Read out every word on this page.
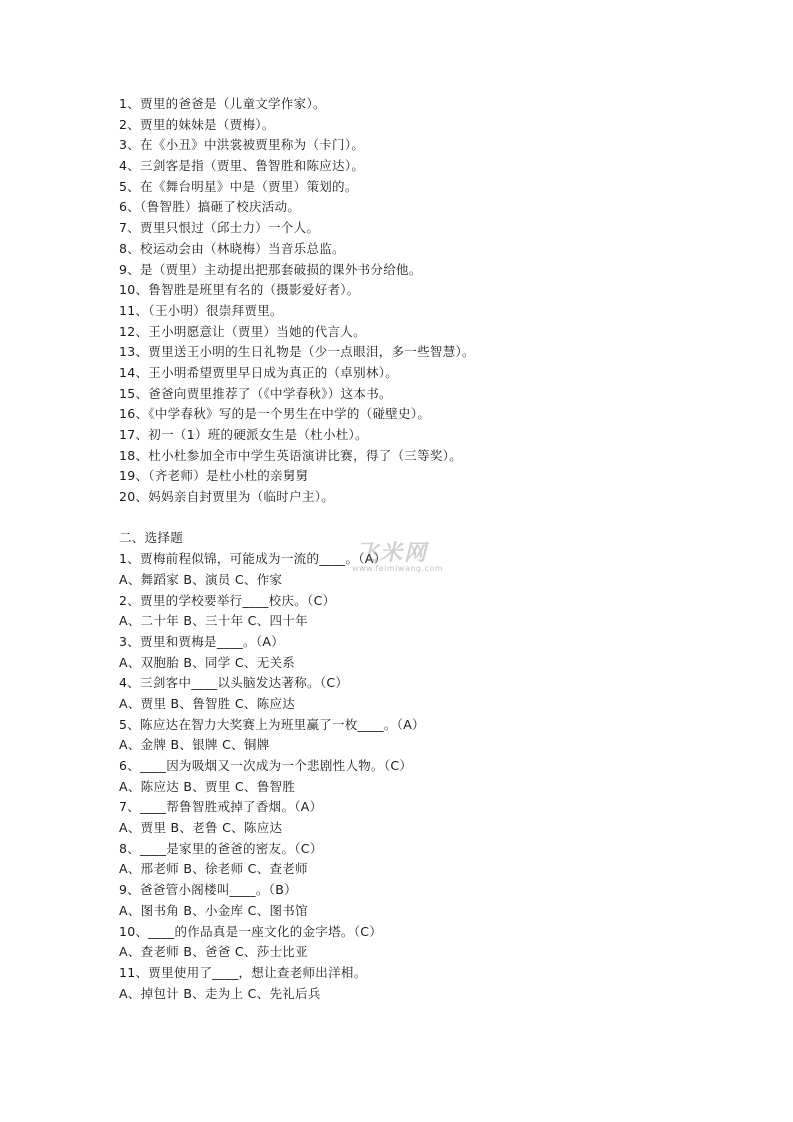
1、贾里的爸爸是（儿童文学作家）。
2、贾里的妹妹是（贾梅）。
3、在《小丑》中洪裳被贾里称为（卡门）。
4、三剑客是指（贾里、鲁智胜和陈应达）。
5、在《舞台明星》中是（贾里）策划的。
6、（鲁智胜）搞砸了校庆活动。
7、贾里只恨过（邱士力）一个人。
8、校运动会由（林晓梅）当音乐总监。
9、是（贾里）主动提出把那套破损的课外书分给他。
10、鲁智胜是班里有名的（摄影爱好者）。
11、（王小明）很崇拜贾里。
12、王小明愿意让（贾里）当她的代言人。
13、贾里送王小明的生日礼物是（少一点眼泪，多一些智慧）。
14、王小明希望贾里早日成为真正的（卓别林）。
15、爸爸向贾里推荐了（《中学春秋》）这本书。
16、《中学春秋》写的是一个男生在中学的（碰壁史）。
17、初一（1）班的硬派女生是（杜小杜）。
18、杜小杜参加全市中学生英语演讲比赛，得了（三等奖）。
19、（齐老师）是杜小杜的亲舅舅
20、妈妈亲自封贾里为（临时户主）。
二、选择题
1、贾梅前程似锦，可能成为一流的____。（A）
A、舞蹈家 B、演员 C、作家
2、贾里的学校要举行____校庆。（C）
A、二十年 B、三十年 C、四十年
3、贾里和贾梅是____。（A）
A、双胞胎 B、同学 C、无关系
4、三剑客中____以头脑发达著称。（C）
A、贾里 B、鲁智胜 C、陈应达
5、陈应达在智力大奖赛上为班里赢了一枚____。（A）
A、金牌 B、银牌 C、铜牌
6、____因为吸烟又一次成为一个悲剧性人物。（C）
A、陈应达 B、贾里 C、鲁智胜
7、____帮鲁智胜戒掉了香烟。（A）
A、贾里 B、老鲁 C、陈应达
8、____是家里的爸爸的密友。（C）
A、邢老师 B、徐老师 C、查老师
9、爸爸管小阁楼叫____。（B）
A、图书角 B、小金库 C、图书馆
10、____的作品真是一座文化的金字塔。（C）
A、查老师 B、爸爸 C、莎士比亚
11、贾里使用了____，想让查老师出洋相。
A、掉包计 B、走为上 C、先礼后兵
飞米网
www.feimiwang.com
